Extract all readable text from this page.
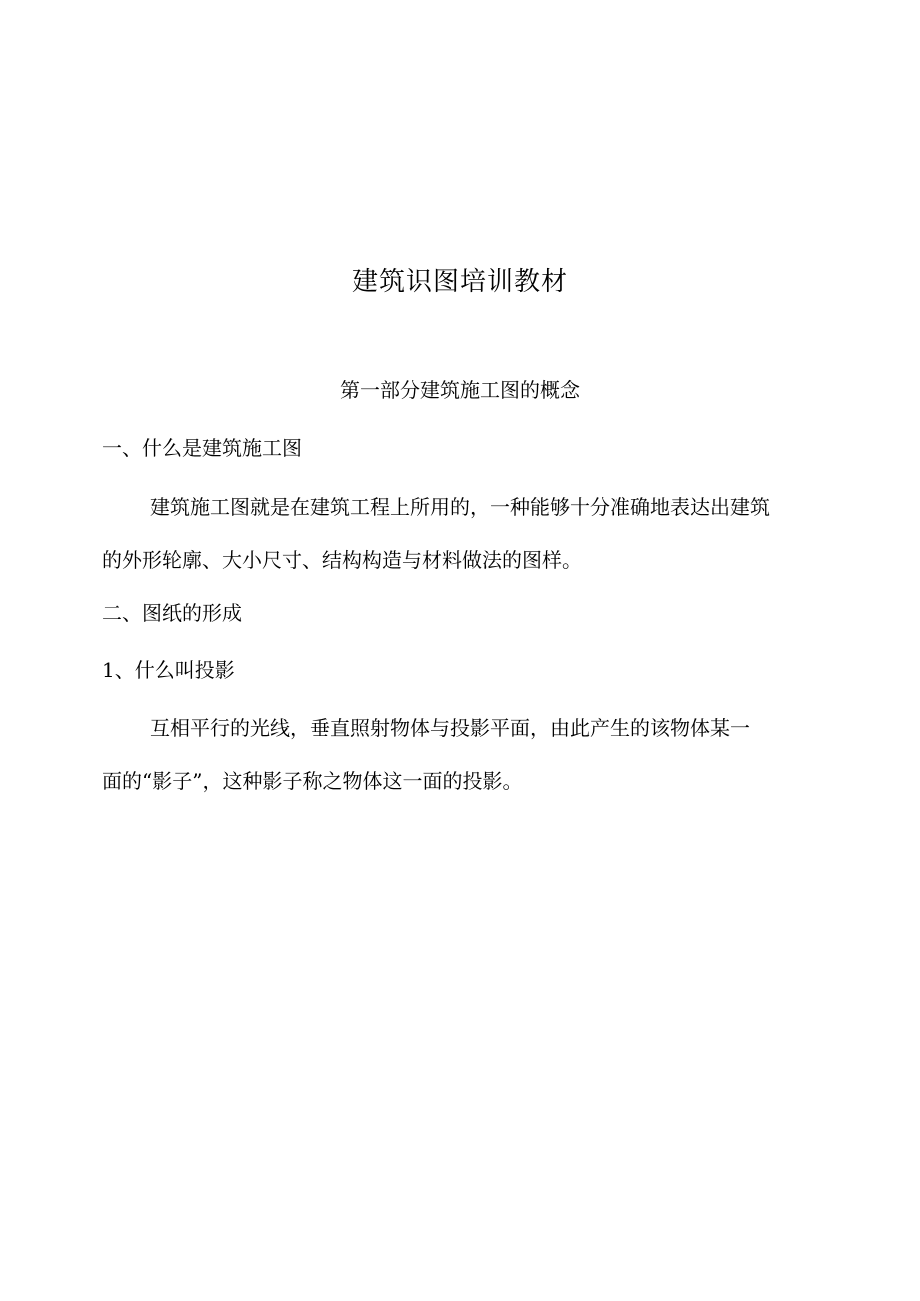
建筑识图培训教材
第一部分建筑施工图的概念
一、什么是建筑施工图
建筑施工图就是在建筑工程上所用的，一种能够十分准确地表达出建筑
的外形轮廓、大小尺寸、结构构造与材料做法的图样。
二、图纸的形成
1、什么叫投影
互相平行的光线，垂直照射物体与投影平面，由此产生的该物体某一
面的“影子”，这种影子称之物体这一面的投影。
